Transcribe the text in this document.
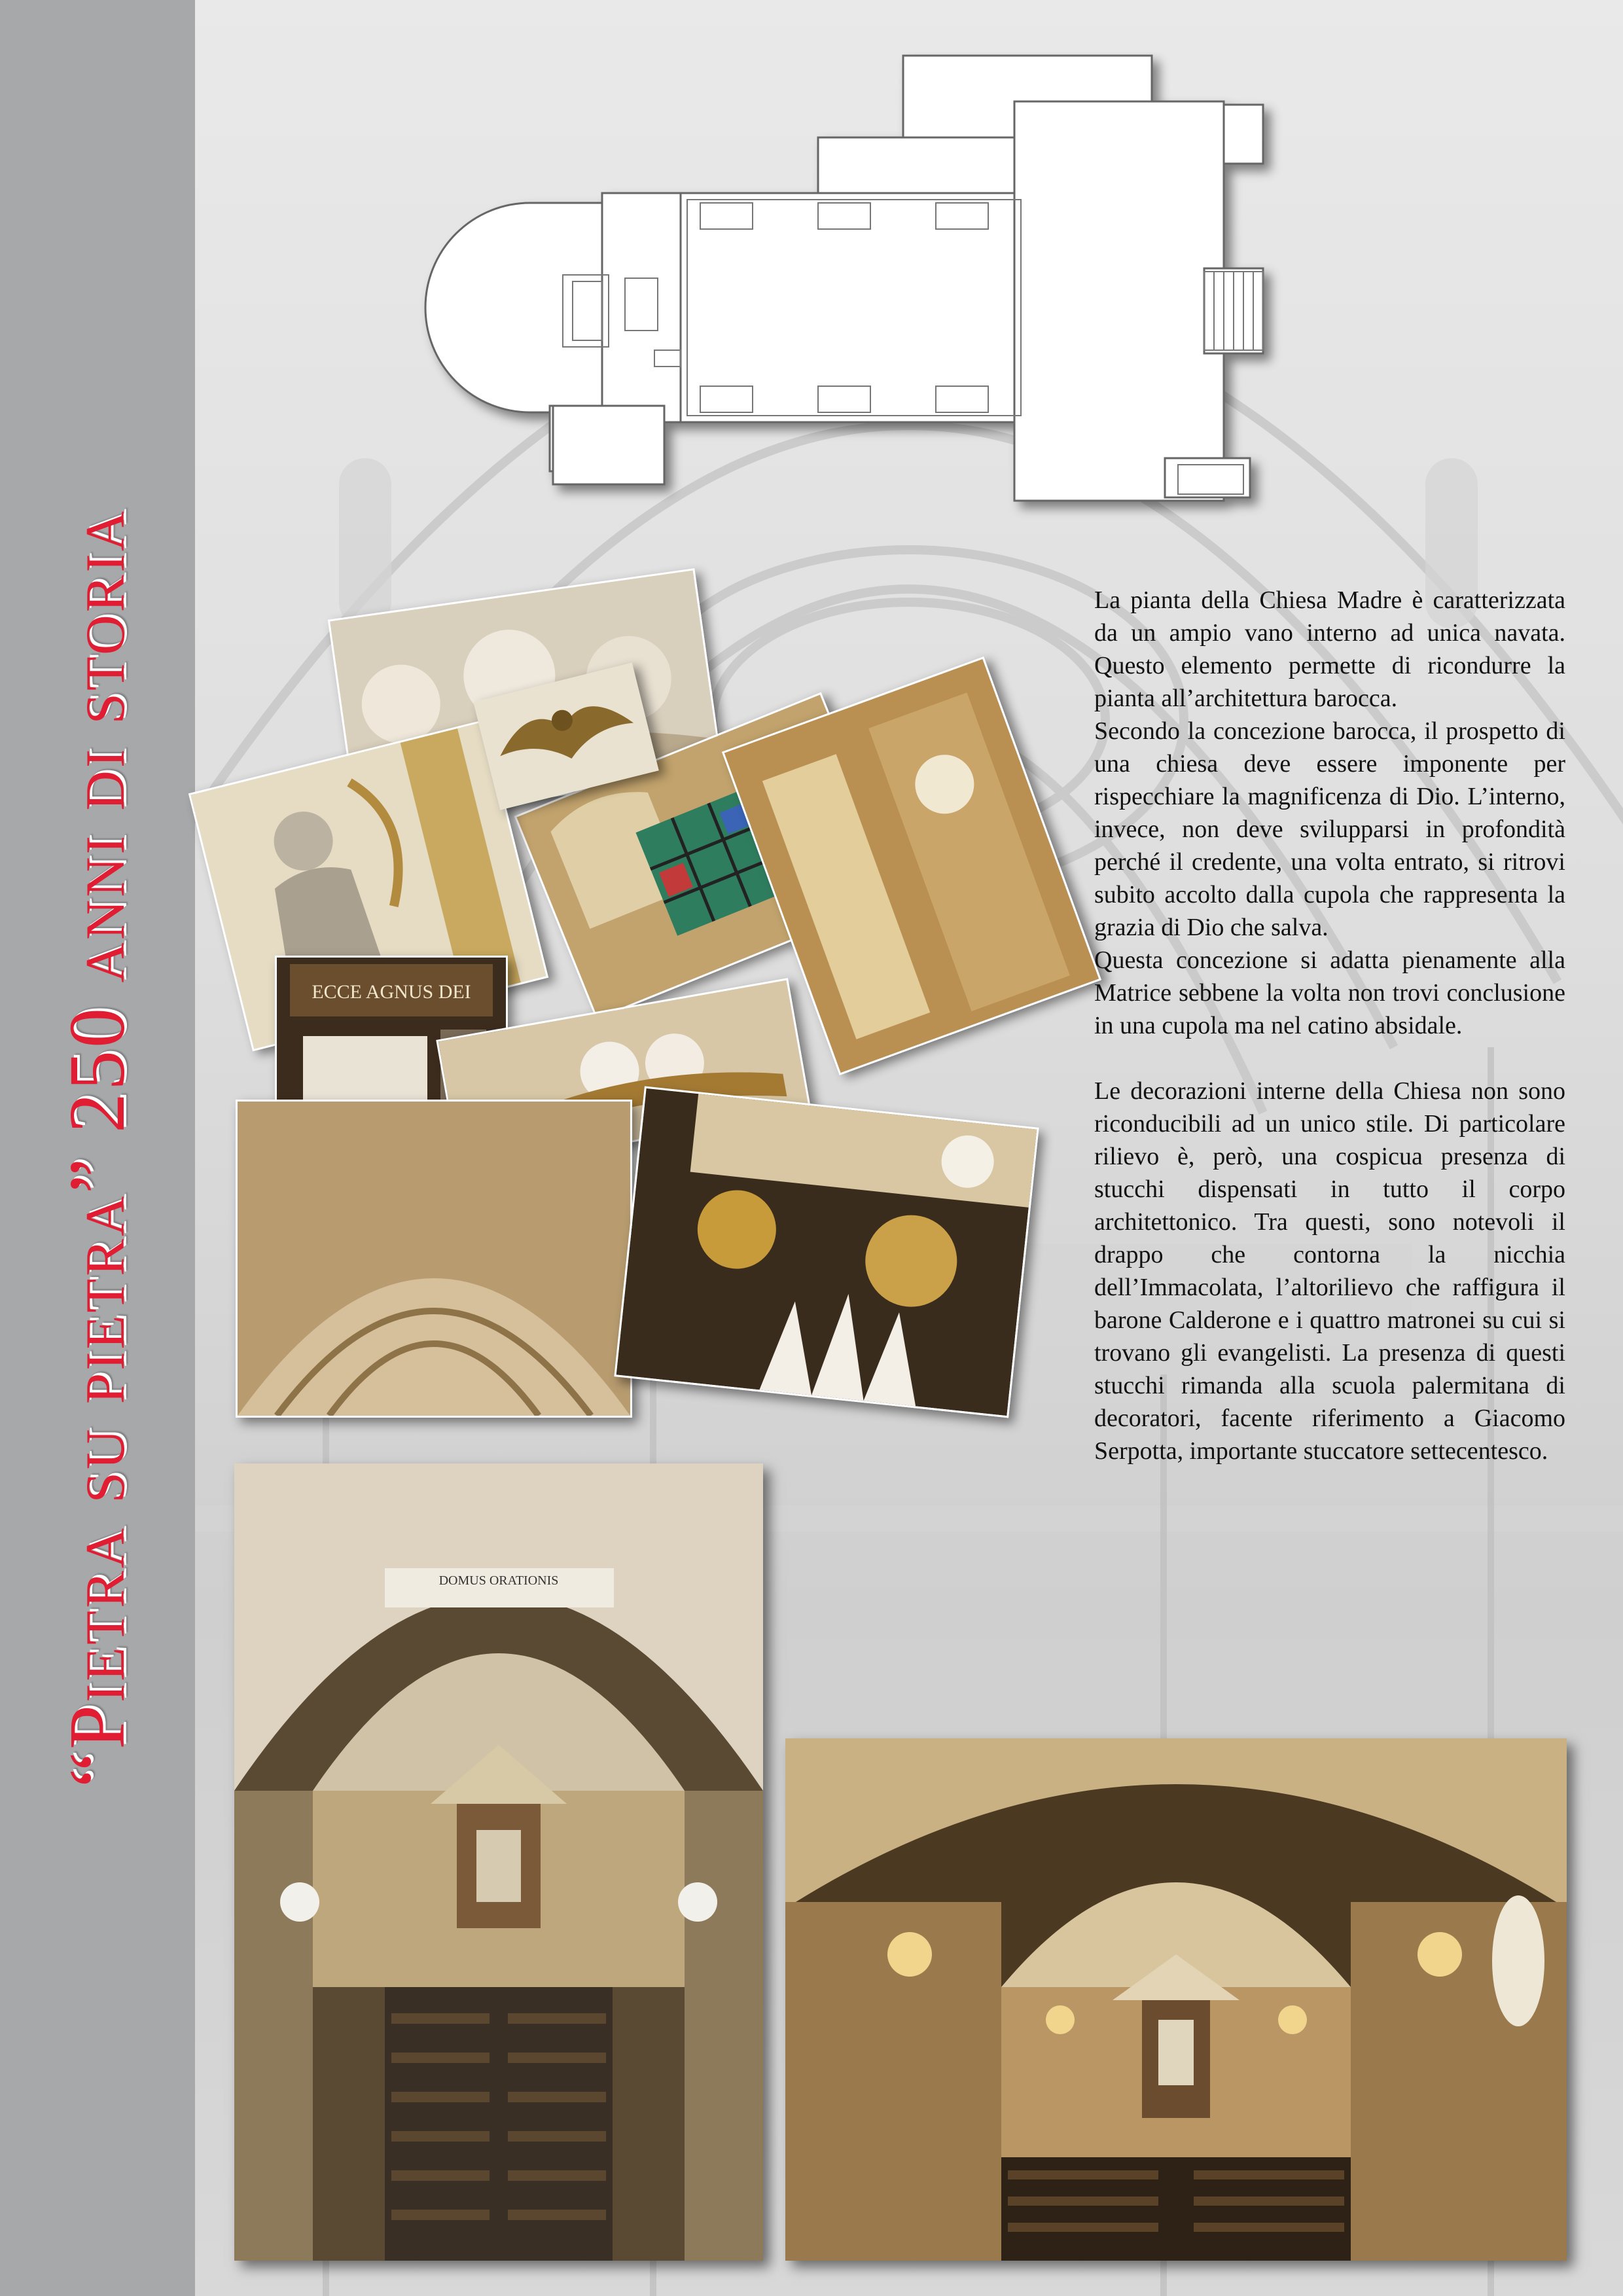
“Pietra su pietra” 250 anni di storia	ECCE AGNUS DEI

La pianta della Chiesa Madre è caratterizzata da un ampio vano interno ad unica navata. Questo elemento permette di ricondurre la pianta all’architettura barocca.

Secondo la concezione barocca, il prospetto di una chiesa deve essere imponente per rispecchiare la magnificenza di Dio. L’interno, invece, non deve svilupparsi in profondità perché il credente, una volta entrato, si ritrovi subito accolto dalla cupola che rappresenta la grazia di Dio che salva.

Questa concezione si adatta pienamente alla Matrice sebbene la volta non trovi conclusione in una cupola ma nel catino absidale.

Le decorazioni interne della Chiesa non sono riconducibili ad un unico stile. Di particolare rilievo è, però, una cospicua presenza di stucchi dispensati in tutto il corpo architettonico. Tra questi, sono notevoli il drappo che contorna la nicchia dell’Immacolata, l’altorilievo che raffigura il barone Calderone e i quattro matronei su cui si trovano gli evangelisti. La presenza di questi stucchi rimanda alla scuola palermitana di decoratori, facente riferimento a Giacomo Serpotta, importante stuccatore settecentesco.

DOMUS ORATIONIS
